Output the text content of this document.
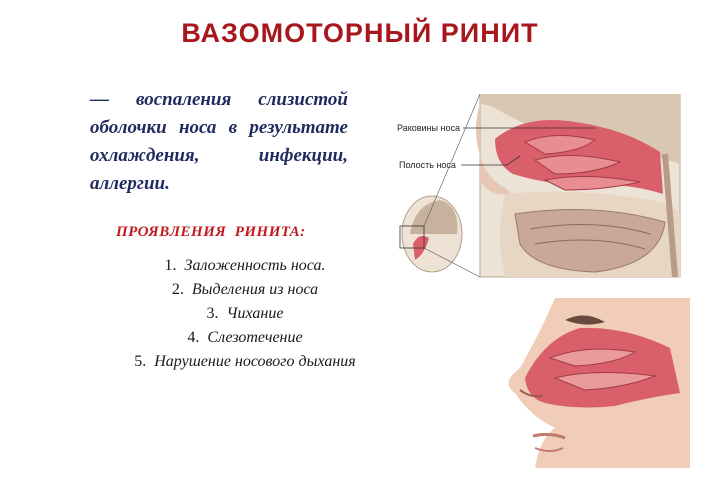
ВАЗОМОТОРНЫЙ РИНИТ
— воспаления слизистой оболочки носа в результате охлаждения, инфекции, аллергии.
ПРОЯВЛЕНИЯ  РИНИТА:
1. Заложенность носа.
2. Выделения из носа
3. Чихание
4. Слезотечение
5. Нарушение носового дыхания
Раковины носа
Полость носа
